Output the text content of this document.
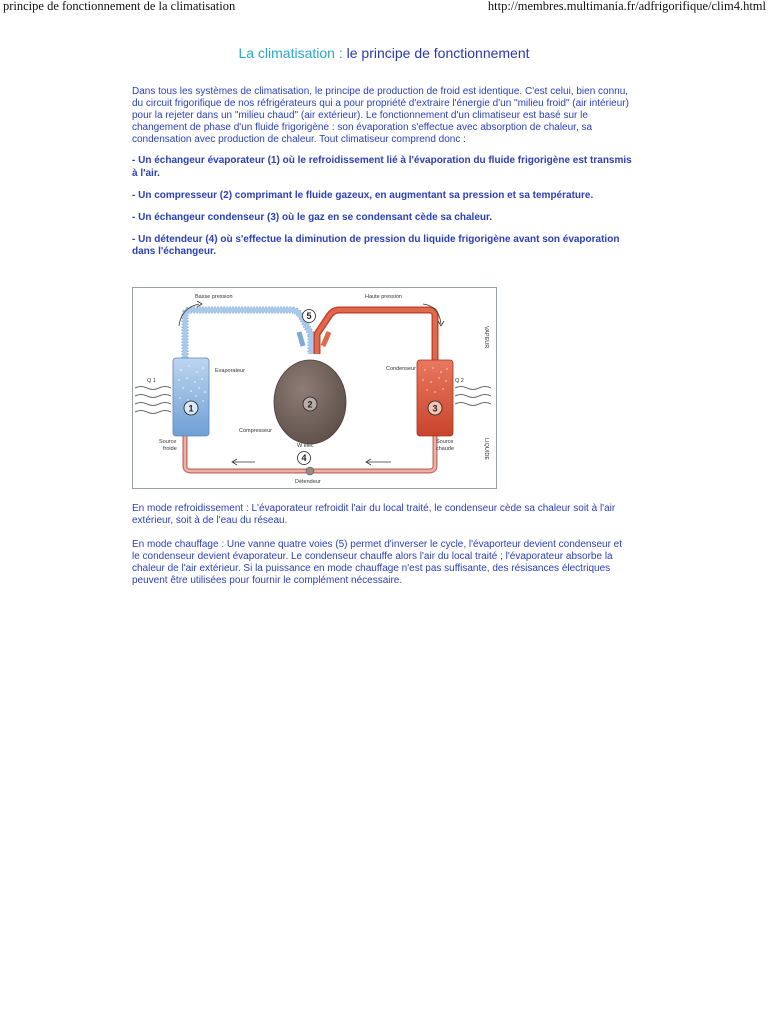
principe de fonctionnement de la climatisation	http://membres.multimania.fr/adfrigorifique/clim4.html
La climatisation : le principe de fonctionnement

Dans tous les systèmes de climatisation, le principe de production de froid est identique. C'est celui, bien connu, du circuit frigorifique de nos réfrigérateurs qui a pour propriété d'extraire l'énergie d'un "milieu froid" (air intérieur) pour la rejeter dans un "milieu chaud" (air extérieur). Le fonctionnement d'un climatiseur est basé sur le changement de phase d'un fluide frigorigène : son évaporation s'effectue avec absorption de chaleur, sa condensation avec production de chaleur. Tout climatiseur comprend donc :

- Un échangeur évaporateur (1) où le refroidissement lié à l'évaporation du fluide frigorigène est transmis à l'air.

- Un compresseur (2) comprimant le fluide gazeux, en augmentant sa pression et sa température.

- Un échangeur condenseur (3) où le gaz en se condensant cède sa chaleur.

- Un détendeur (4) où s'effectue la diminution de pression du liquide frigorigène avant son évaporation dans l'échangeur.

1	3
2
5
4
Basse pression	Haute pression
Evaporateur	Condenseur
Compresseur
W élec
Détendeur
Source
froide
Source
chaude
Q 1	Q 2
VAPEUR
LIQUIDE

En mode refroidissement : L'évaporateur refroidit l'air du local traité, le condenseur cède sa chaleur soit à l'air extérieur, soit à de l'eau du réseau.

En mode chauffage : Une vanne quatre voies (5) permet d'inverser le cycle, l'évaporteur devient condenseur et le condenseur devient évaporateur. Le condenseur chauffe alors l'air du local traité ; l'évaporateur absorbe la chaleur de l'air extérieur. Si la puissance en mode chauffage n'est pas suffisante, des résisances électriques peuvent être utilisées pour fournir le complément nécessaire.
